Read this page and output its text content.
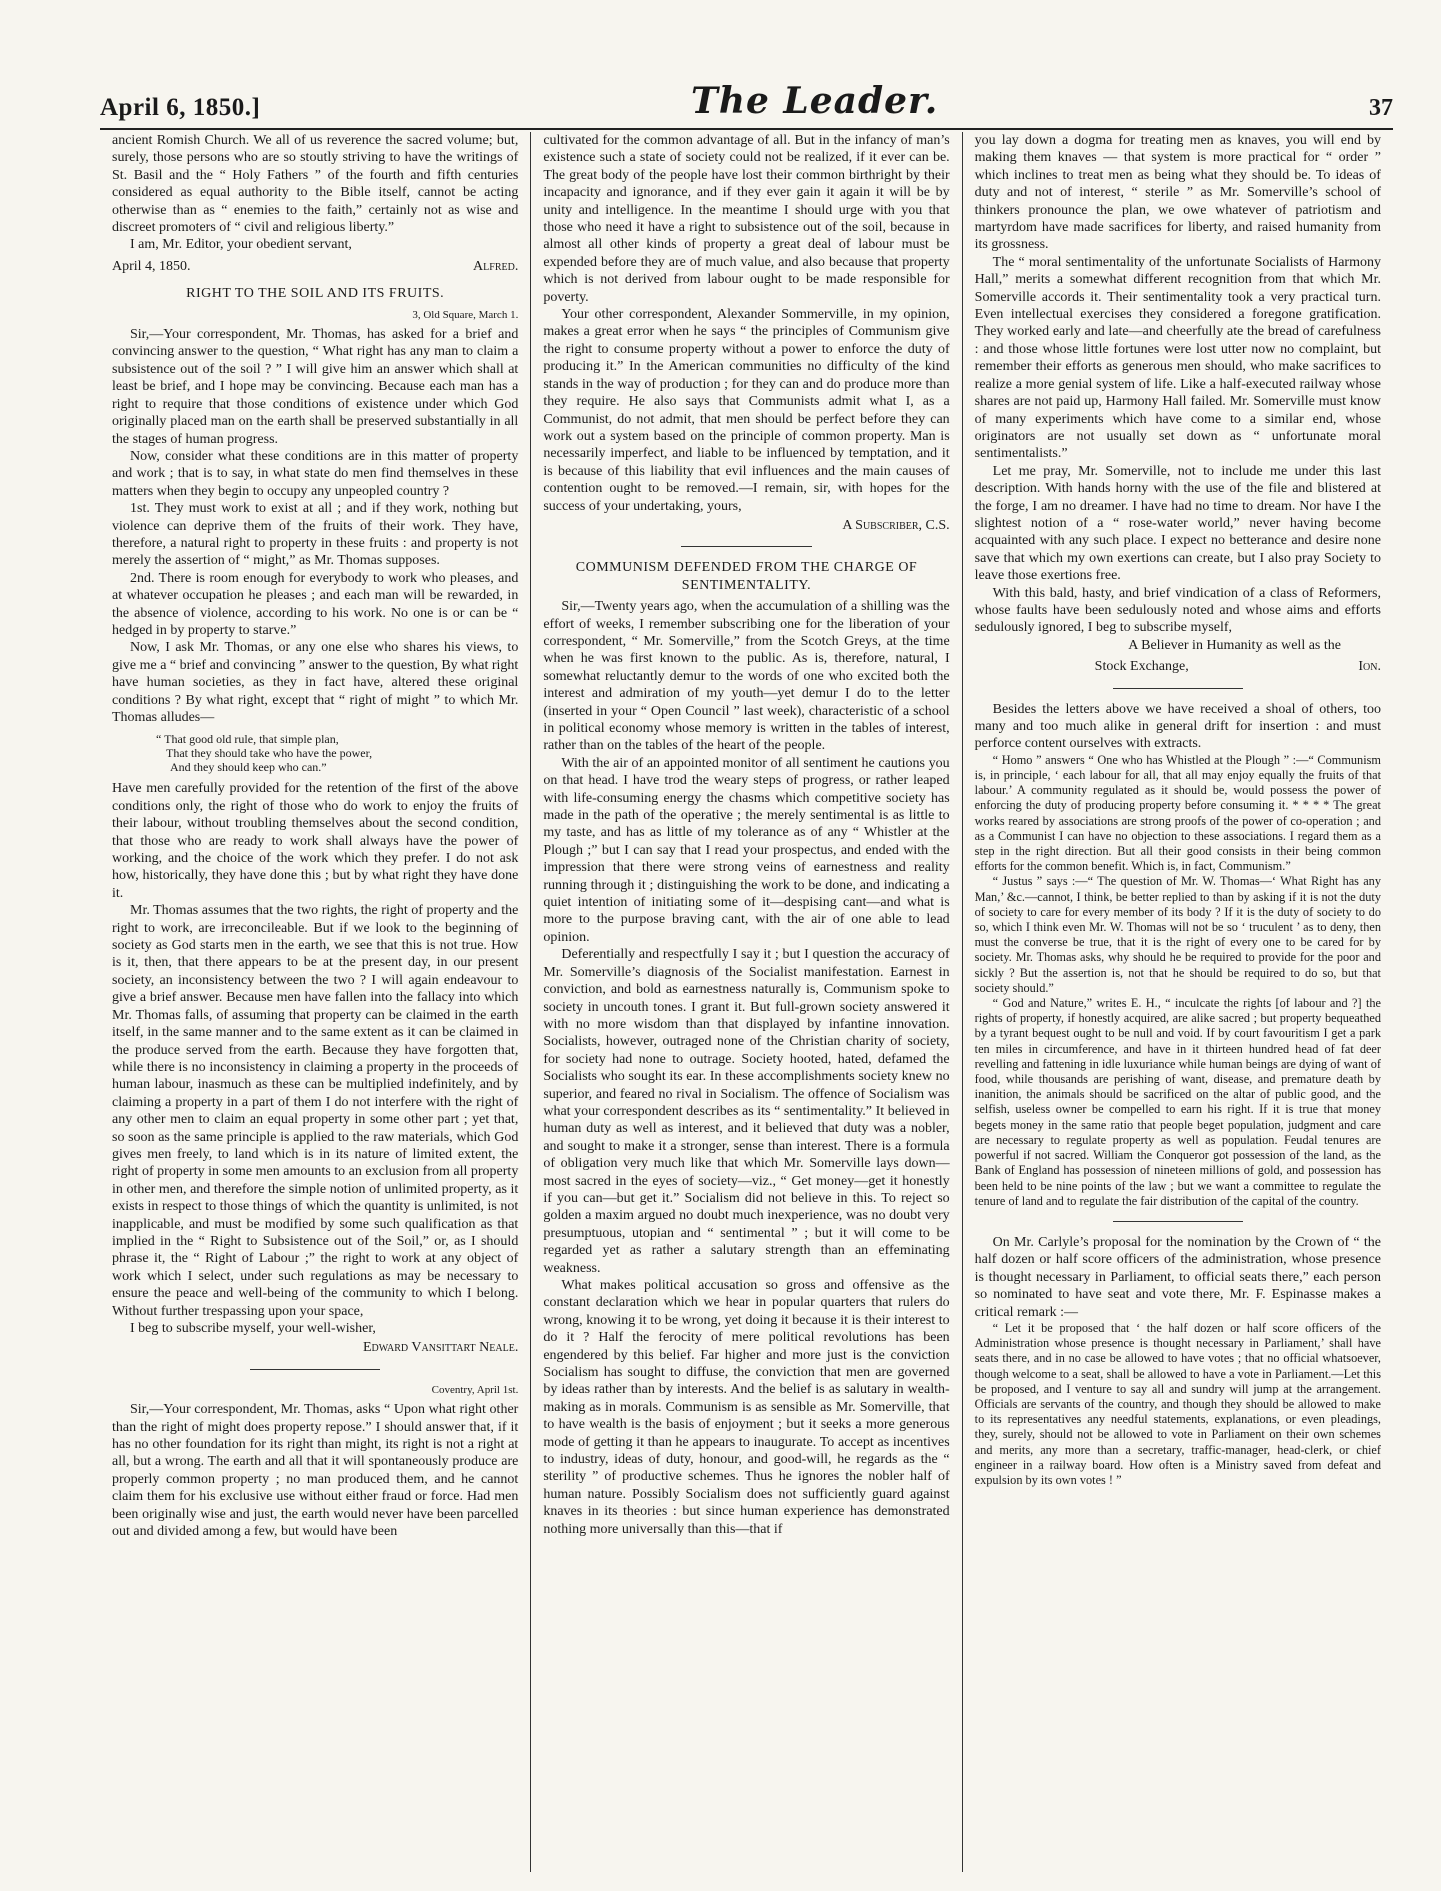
April 6, 1850.]	The Leader.	37

ancient Romish Church. We all of us reverence the sacred volume; but, surely, those persons who are so stoutly striving to have the writings of St. Basil and the “ Holy Fathers ” of the fourth and fifth centuries considered as equal authority to the Bible itself, cannot be acting otherwise than as “ enemies to the faith,” certainly not as wise and discreet promoters of “ civil and religious liberty.”

I am, Mr. Editor, your obedient servant,

April 4, 1850.	Alfred.
RIGHT TO THE SOIL AND ITS FRUITS.
3, Old Square, March 1.

Sir,—Your correspondent, Mr. Thomas, has asked for a brief and convincing answer to the question, “ What right has any man to claim a subsistence out of the soil ? ” I will give him an answer which shall at least be brief, and I hope may be convincing. Because each man has a right to require that those conditions of existence under which God originally placed man on the earth shall be preserved substantially in all the stages of human progress.

Now, consider what these conditions are in this matter of property and work ; that is to say, in what state do men find themselves in these matters when they begin to occupy any unpeopled country ?

1st. They must work to exist at all ; and if they work, nothing but violence can deprive them of the fruits of their work. They have, therefore, a natural right to property in these fruits : and property is not merely the assertion of “ might,” as Mr. Thomas supposes.

2nd. There is room enough for everybody to work who pleases, and at whatever occupation he pleases ; and each man will be rewarded, in the absence of violence, according to his work. No one is or can be “ hedged in by property to starve.”

Now, I ask Mr. Thomas, or any one else who shares his views, to give me a “ brief and convincing ” answer to the question, By what right have human societies, as they in fact have, altered these original conditions ? By what right, except that “ right of might ” to which Mr. Thomas alludes—

“ That good old rule, that simple plan,
That they should take who have the power,
And they should keep who can.”

Have men carefully provided for the retention of the first of the above conditions only, the right of those who do work to enjoy the fruits of their labour, without troubling themselves about the second condition, that those who are ready to work shall always have the power of working, and the choice of the work which they prefer. I do not ask how, historically, they have done this ; but by what right they have done it.

Mr. Thomas assumes that the two rights, the right of property and the right to work, are irreconcileable. But if we look to the beginning of society as God starts men in the earth, we see that this is not true. How is it, then, that there appears to be at the present day, in our present society, an inconsistency between the two ? I will again endeavour to give a brief answer. Because men have fallen into the fallacy into which Mr. Thomas falls, of assuming that property can be claimed in the earth itself, in the same manner and to the same extent as it can be claimed in the produce served from the earth. Because they have forgotten that, while there is no inconsistency in claiming a property in the proceeds of human labour, inasmuch as these can be multiplied indefinitely, and by claiming a property in a part of them I do not interfere with the right of any other men to claim an equal property in some other part ; yet that, so soon as the same principle is applied to the raw materials, which God gives men freely, to land which is in its nature of limited extent, the right of property in some men amounts to an exclusion from all property in other men, and therefore the simple notion of unlimited property, as it exists in respect to those things of which the quantity is unlimited, is not inapplicable, and must be modified by some such qualification as that implied in the “ Right to Subsistence out of the Soil,” or, as I should phrase it, the “ Right of Labour ;” the right to work at any object of work which I select, under such regulations as may be necessary to ensure the peace and well-being of the community to which I belong. Without further trespassing upon your space,

I beg to subscribe myself, your well-wisher,

Edward Vansittart Neale.
Coventry, April 1st.

Sir,—Your correspondent, Mr. Thomas, asks “ Upon what right other than the right of might does property repose.” I should answer that, if it has no other foundation for its right than might, its right is not a right at all, but a wrong. The earth and all that it will spontaneously produce are properly common property ; no man produced them, and he cannot claim them for his exclusive use without either fraud or force. Had men been originally wise and just, the earth would never have been parcelled out and divided among a few, but would have been

cultivated for the common advantage of all. But in the infancy of man’s existence such a state of society could not be realized, if it ever can be. The great body of the people have lost their common birthright by their incapacity and ignorance, and if they ever gain it again it will be by unity and intelligence. In the meantime I should urge with you that those who need it have a right to subsistence out of the soil, because in almost all other kinds of property a great deal of labour must be expended before they are of much value, and also because that property which is not derived from labour ought to be made responsible for poverty.

Your other correspondent, Alexander Sommerville, in my opinion, makes a great error when he says “ the principles of Communism give the right to consume property without a power to enforce the duty of producing it.” In the American communities no difficulty of the kind stands in the way of production ; for they can and do produce more than they require. He also says that Communists admit what I, as a Communist, do not admit, that men should be perfect before they can work out a system based on the principle of common property. Man is necessarily imperfect, and liable to be influenced by temptation, and it is because of this liability that evil influences and the main causes of contention ought to be removed.—I remain, sir, with hopes for the success of your undertaking, yours,

A Subscriber, C.S.
COMMUNISM DEFENDED FROM THE CHARGE OF SENTIMENTALITY.

Sir,—Twenty years ago, when the accumulation of a shilling was the effort of weeks, I remember subscribing one for the liberation of your correspondent, “ Mr. Somerville,” from the Scotch Greys, at the time when he was first known to the public. As is, therefore, natural, I somewhat reluctantly demur to the words of one who excited both the interest and admiration of my youth—yet demur I do to the letter (inserted in your “ Open Council ” last week), characteristic of a school in political economy whose memory is written in the tables of interest, rather than on the tables of the heart of the people.

With the air of an appointed monitor of all sentiment he cautions you on that head. I have trod the weary steps of progress, or rather leaped with life-consuming energy the chasms which competitive society has made in the path of the operative ; the merely sentimental is as little to my taste, and has as little of my tolerance as of any “ Whistler at the Plough ;” but I can say that I read your prospectus, and ended with the impression that there were strong veins of earnestness and reality running through it ; distinguishing the work to be done, and indicating a quiet intention of initiating some of it—despising cant—and what is more to the purpose braving cant, with the air of one able to lead opinion.

Deferentially and respectfully I say it ; but I question the accuracy of Mr. Somerville’s diagnosis of the Socialist manifestation. Earnest in conviction, and bold as earnestness naturally is, Communism spoke to society in uncouth tones. I grant it. But full-grown society answered it with no more wisdom than that displayed by infantine innovation. Socialists, however, outraged none of the Christian charity of society, for society had none to outrage. Society hooted, hated, defamed the Socialists who sought its ear. In these accomplishments society knew no superior, and feared no rival in Socialism. The offence of Socialism was what your correspondent describes as its “ sentimentality.” It believed in human duty as well as interest, and it believed that duty was a nobler, and sought to make it a stronger, sense than interest. There is a formula of obligation very much like that which Mr. Somerville lays down—most sacred in the eyes of society—viz., “ Get money—get it honestly if you can—but get it.” Socialism did not believe in this. To reject so golden a maxim argued no doubt much inexperience, was no doubt very presumptuous, utopian and “ sentimental ” ; but it will come to be regarded yet as rather a salutary strength than an effeminating weakness.

What makes political accusation so gross and offensive as the constant declaration which we hear in popular quarters that rulers do wrong, knowing it to be wrong, yet doing it because it is their interest to do it ? Half the ferocity of mere political revolutions has been engendered by this belief. Far higher and more just is the conviction Socialism has sought to diffuse, the conviction that men are governed by ideas rather than by interests. And the belief is as salutary in wealth-making as in morals. Communism is as sensible as Mr. Somerville, that to have wealth is the basis of enjoyment ; but it seeks a more generous mode of getting it than he appears to inaugurate. To accept as incentives to industry, ideas of duty, honour, and good-will, he regards as the “ sterility ” of productive schemes. Thus he ignores the nobler half of human nature. Possibly Socialism does not sufficiently guard against knaves in its theories : but since human experience has demonstrated nothing more universally than this—that if

you lay down a dogma for treating men as knaves, you will end by making them knaves — that system is more practical for “ order ” which inclines to treat men as being what they should be. To ideas of duty and not of interest, “ sterile ” as Mr. Somerville’s school of thinkers pronounce the plan, we owe whatever of patriotism and martyrdom have made sacrifices for liberty, and raised humanity from its grossness.

The “ moral sentimentality of the unfortunate Socialists of Harmony Hall,” merits a somewhat different recognition from that which Mr. Somerville accords it. Their sentimentality took a very practical turn. Even intellectual exercises they considered a foregone gratification. They worked early and late—and cheerfully ate the bread of carefulness : and those whose little fortunes were lost utter now no complaint, but remember their efforts as generous men should, who make sacrifices to realize a more genial system of life. Like a half-executed railway whose shares are not paid up, Harmony Hall failed. Mr. Somerville must know of many experiments which have come to a similar end, whose originators are not usually set down as “ unfortunate moral sentimentalists.”

Let me pray, Mr. Somerville, not to include me under this last description. With hands horny with the use of the file and blistered at the forge, I am no dreamer. I have had no time to dream. Nor have I the slightest notion of a “ rose-water world,” never having become acquainted with any such place. I expect no betterance and desire none save that which my own exertions can create, but I also pray Society to leave those exertions free.

With this bald, hasty, and brief vindication of a class of Reformers, whose faults have been sedulously noted and whose aims and efforts sedulously ignored, I beg to subscribe myself,

A Believer in Humanity as well as the
Stock Exchange,	Ion.

Besides the letters above we have received a shoal of others, too many and too much alike in general drift for insertion : and must perforce content ourselves with extracts.

“ Homo ” answers “ One who has Whistled at the Plough ” :—“ Communism is, in principle, ‘ each labour for all, that all may enjoy equally the fruits of that labour.’ A community regulated as it should be, would possess the power of enforcing the duty of producing property before consuming it. * * * * The great works reared by associations are strong proofs of the power of co-operation ; and as a Communist I can have no objection to these associations. I regard them as a step in the right direction. But all their good consists in their being common efforts for the common benefit. Which is, in fact, Communism.”

“ Justus ” says :—“ The question of Mr. W. Thomas—‘ What Right has any Man,’ &c.—cannot, I think, be better replied to than by asking if it is not the duty of society to care for every member of its body ? If it is the duty of society to do so, which I think even Mr. W. Thomas will not be so ‘ truculent ’ as to deny, then must the converse be true, that it is the right of every one to be cared for by society. Mr. Thomas asks, why should he be required to provide for the poor and sickly ? But the assertion is, not that he should be required to do so, but that society should.”

“ God and Nature,” writes E. H., “ inculcate the rights [of labour and ?] the rights of property, if honestly acquired, are alike sacred ; but property bequeathed by a tyrant bequest ought to be null and void. If by court favouritism I get a park ten miles in circumference, and have in it thirteen hundred head of fat deer revelling and fattening in idle luxuriance while human beings are dying of want of food, while thousands are perishing of want, disease, and premature death by inanition, the animals should be sacrificed on the altar of public good, and the selfish, useless owner be compelled to earn his right. If it is true that money begets money in the same ratio that people beget population, judgment and care are necessary to regulate property as well as population. Feudal tenures are powerful if not sacred. William the Conqueror got possession of the land, as the Bank of England has possession of nineteen millions of gold, and possession has been held to be nine points of the law ; but we want a committee to regulate the tenure of land and to regulate the fair distribution of the capital of the country.

On Mr. Carlyle’s proposal for the nomination by the Crown of “ the half dozen or half score officers of the administration, whose presence is thought necessary in Parliament, to official seats there,” each person so nominated to have seat and vote there, Mr. F. Espinasse makes a critical remark :—

“ Let it be proposed that ‘ the half dozen or half score officers of the Administration whose presence is thought necessary in Parliament,’ shall have seats there, and in no case be allowed to have votes ; that no official whatsoever, though welcome to a seat, shall be allowed to have a vote in Parliament.—Let this be proposed, and I venture to say all and sundry will jump at the arrangement. Officials are servants of the country, and though they should be allowed to make to its representatives any needful statements, explanations, or even pleadings, they, surely, should not be allowed to vote in Parliament on their own schemes and merits, any more than a secretary, traffic-manager, head-clerk, or chief engineer in a railway board. How often is a Ministry saved from defeat and expulsion by its own votes ! ”
